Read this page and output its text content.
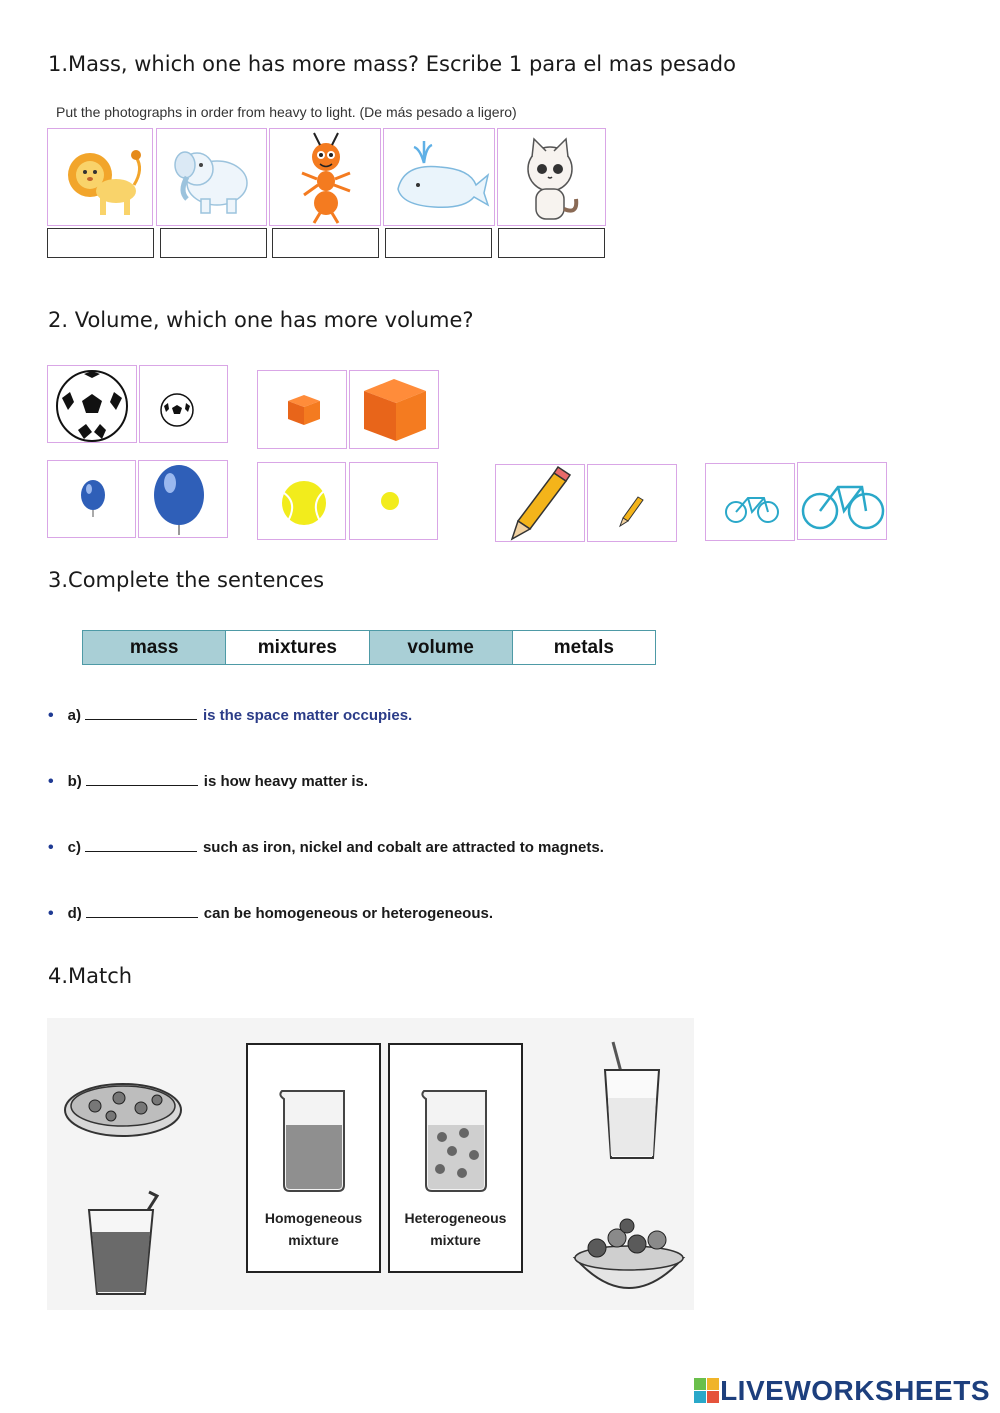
1.Mass, which one has more mass? Escribe 1 para el mas pesado
Put the photographs in order from heavy to light. (De más pesado a ligero)
2. Volume, which one has more volume?
3.Complete the sentences
mass	mixtures	volume	metals
• a)	is the space matter occupies.
• b)	is how heavy matter is.
• c)	such as iron, nickel and cobalt are attracted to magnets.
• d)	can be homogeneous or heterogeneous.
4.Match
Homogeneous
mixture
Heterogeneous
mixture
LIVEWORKSHEETS
